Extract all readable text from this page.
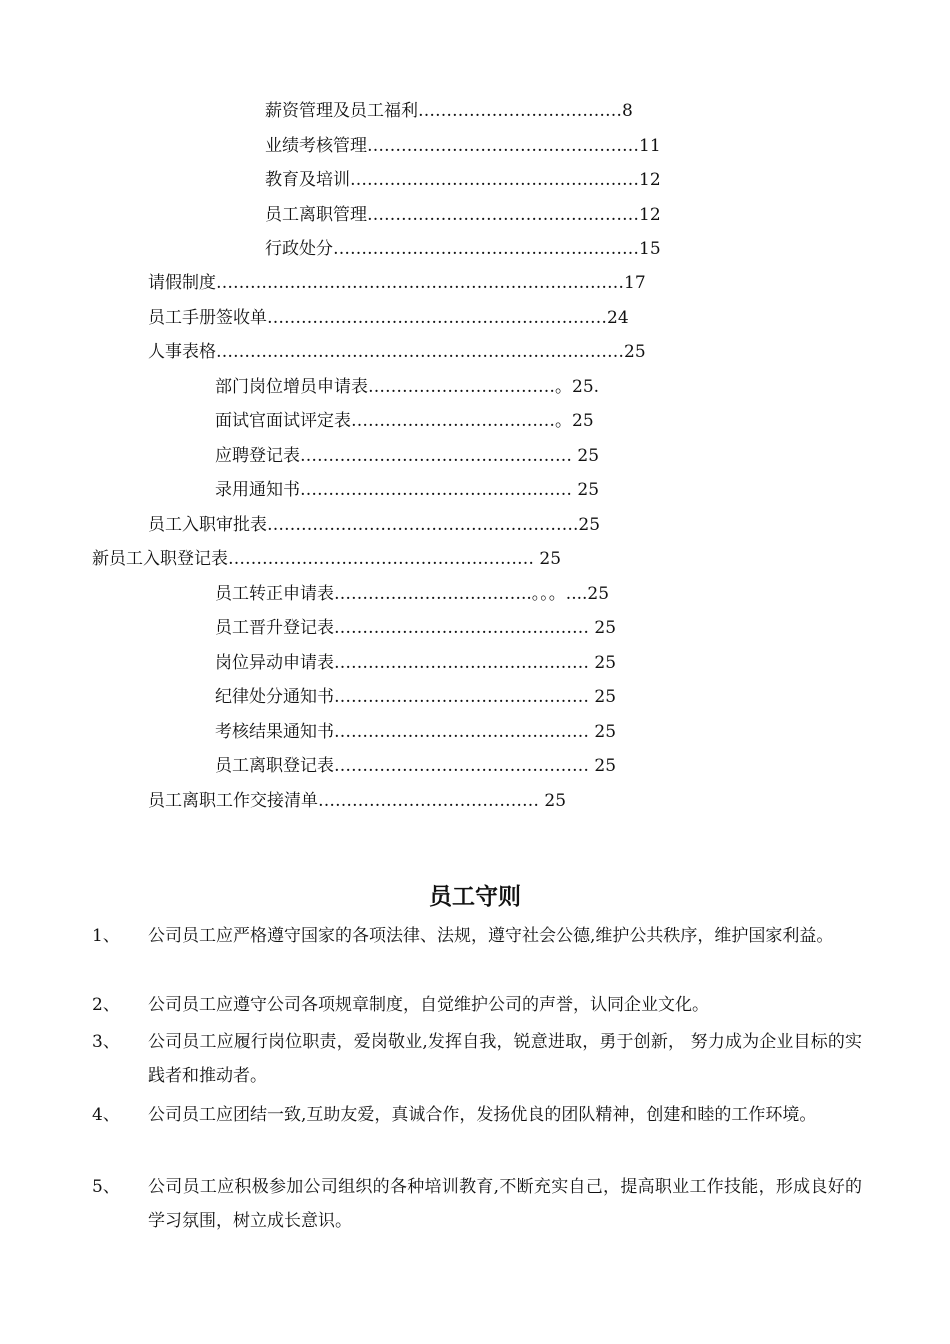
薪资管理及员工福利………………………………8

业绩考核管理…………………………………………11

教育及培训……………………………………………12

员工离职管理…………………………………………12

行政处分………………………………………………15

请假制度………………………………………………………………17

员工手册签收单……………………………………………………24

人事表格………………………………………………………………25

部门岗位增员申请表……………………………。25.

面试官面试评定表………………………………。25

应聘登记表………………………………………… 25

录用通知书………………………………………… 25

员工入职审批表……………………………………………….25

新员工入职登记表……………………………………………… 25

员工转正申请表……………………………..。。。....25

员工晋升登记表……………………………………… 25

岗位异动申请表……………………………………… 25

纪律处分通知书……………………………………… 25

考核结果通知书……………………………………… 25

员工离职登记表……………………………………… 25

员工离职工作交接清单………………………………… 25

员工守则
1、 公司员工应严格遵守国家的各项法律、法规，遵守社会公德,维护公共秩序，维护国家利益。
2、 公司员工应遵守公司各项规章制度，自觉维护公司的声誉，认同企业文化。
3、 公司员工应履行岗位职责，爱岗敬业,发挥自我，锐意进取，勇于创新， 努力成为企业目标的实践者和推动者。
4、 公司员工应团结一致,互助友爱，真诚合作，发扬优良的团队精神，创建和睦的工作环境。
5、 公司员工应积极参加公司组织的各种培训教育,不断充实自己，提高职业工作技能，形成良好的学习氛围，树立成长意识。
